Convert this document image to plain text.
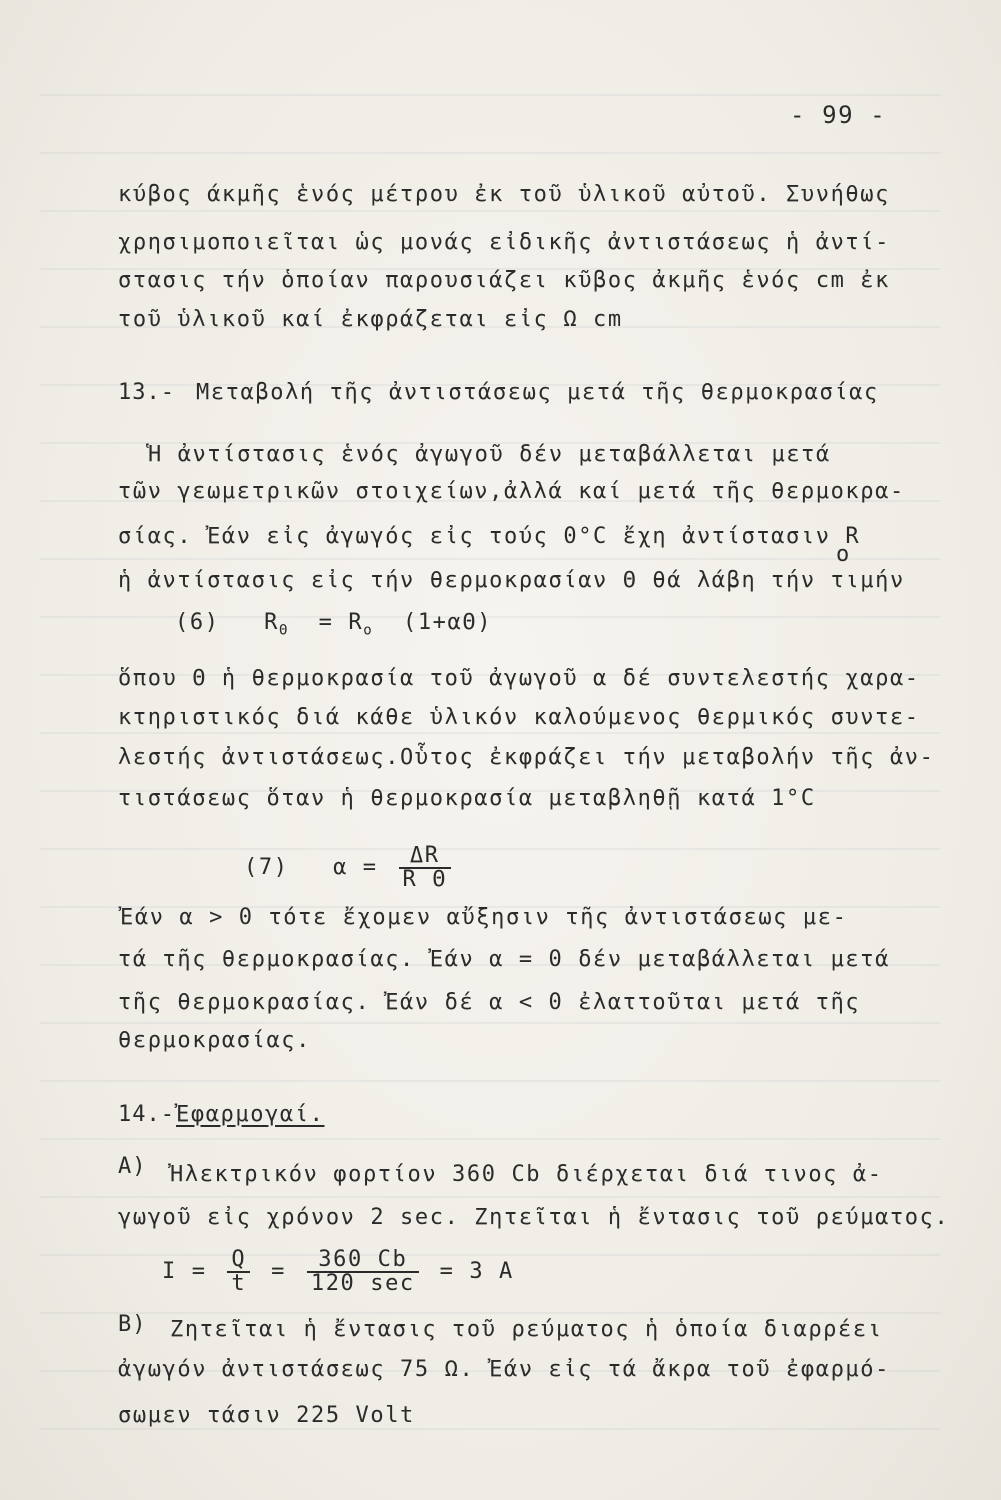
- 99 -
κύβος άκμῆς ἑνός μέτρου ἐκ τοῦ ὑλικοῦ αὐτοῦ. Συνήθως
χρησιμοποιεῖται ὡς μονάς εἰδικῆς ἀντιστάσεως ἡ ἀντί-
στασις τήν ὁποίαν παρουσιάζει κῦβος ἀκμῆς ἑνός cm ἐκ
τοῦ ὑλικοῦ καί ἐκφράζεται εἰς Ω cm
13.- Μεταβολή τῆς ἀντιστάσεως μετά τῆς θερμοκρασίας
Ἡ ἀντίστασις ἑνός ἀγωγοῦ δέν μεταβάλλεται μετά
τῶν γεωμετρικῶν στοιχείων,ἀλλά καί μετά τῆς θερμοκρα-
σίας. Ἐάν εἰς ἀγωγός εἰς τούς 0°C ἔχη ἀντίστασιν R
o
ἡ ἀντίστασις εἰς τήν θερμοκρασίαν Θ θά λάβη τήν τιμήν
(6) $R_\Theta = R_o$ (1+αΘ)
ὅπου Θ ἡ θερμοκρασία τοῦ ἀγωγοῦ α δέ συντελεστής χαρα-
κτηριστικός διά κάθε ὑλικόν καλούμενος θερμικός συντε-
λεστής ἀντιστάσεως.Οὗτος ἐκφράζει τήν μεταβολήν τῆς ἀν-
τιστάσεως ὅταν ἡ θερμοκρασία μεταβληθῇ κατά 1°C
(7) $\alpha = \frac{\Delta R}{\text{R Θ}}$
Ἐάν α > 0 τότε ἔχομεν αὔξησιν τῆς ἀντιστάσεως με-
τά τῆς θερμοκρασίας. Ἐάν α = 0 δέν μεταβάλλεται μετά
τῆς θερμοκρασίας. Ἐάν δέ α < 0 ἐλαττοῦται μετά τῆς
θερμοκρασίας.
14.- Ἐφαρμογαί.
A) Ἠλεκτρικόν φορτίον 360 Cb διέρχεται διά τινος ἀ-
γωγοῦ εἰς χρόνον 2 sec. Ζητεῖται ἡ ἔντασις τοῦ ρεύματος.
$I = \frac{Q}{t} = \frac{360 Cb}{120 \sec} = 3$ A
B) Ζητεῖται ἡ ἔντασις τοῦ ρεύματος ἡ ὁποία διαρρέει
ἀγωγόν ἀντιστάσεως 75 Ω. Ἐάν εἰς τά ἄκρα τοῦ ἐφαρμό-
σωμεν τάσιν 225 Volt
